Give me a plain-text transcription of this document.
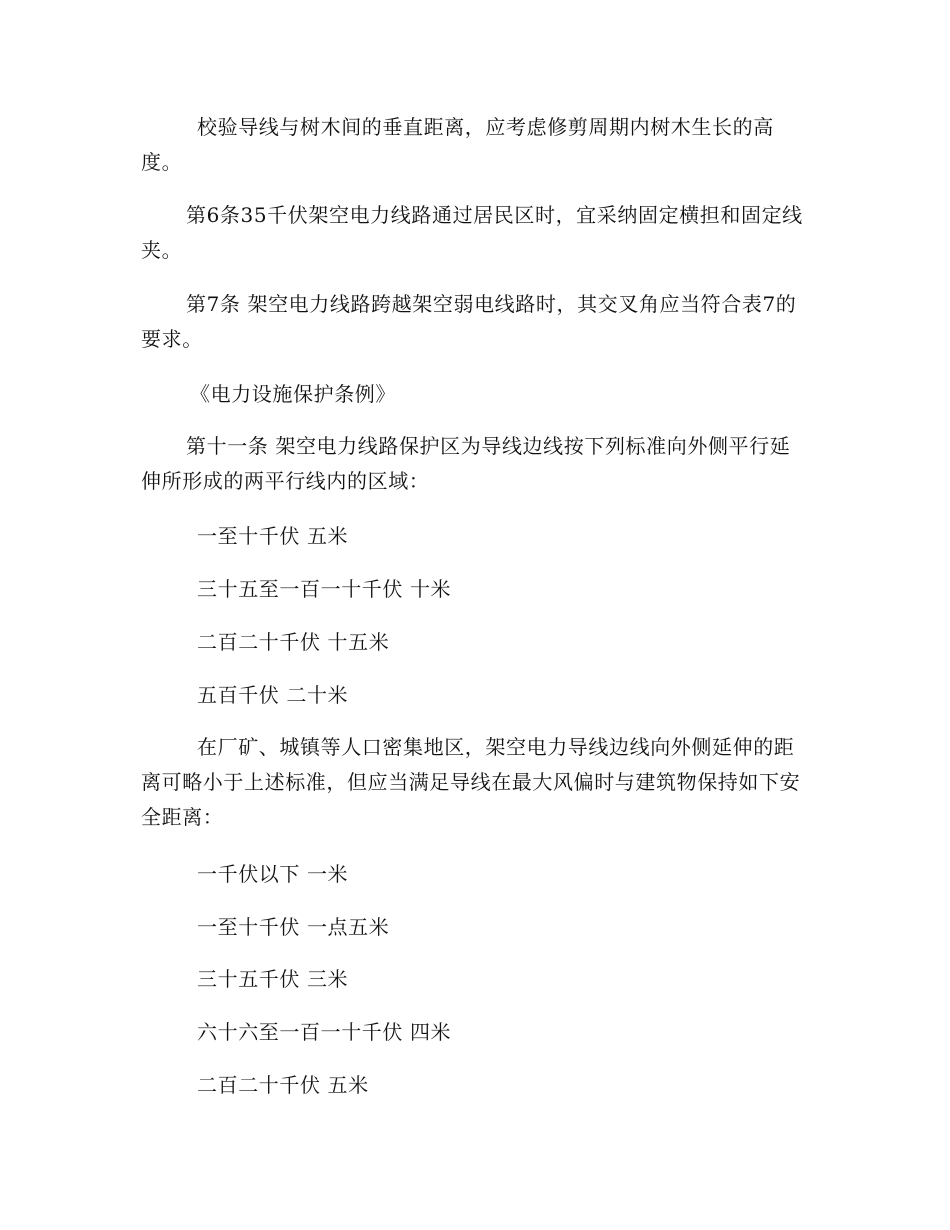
校验导线与树木间的垂直距离，应考虑修剪周期内树木生长的高度。

第6条35千伏架空电力线路通过居民区时，宜采纳固定横担和固定线夹。

第7条 架空电力线路跨越架空弱电线路时，其交叉角应当符合表7的要求。

《电力设施保护条例》

第十一条 架空电力线路保护区为导线边线按下列标准向外侧平行延伸所形成的两平行线内的区域：

一至十千伏 五米

三十五至一百一十千伏 十米

二百二十千伏 十五米

五百千伏 二十米

在厂矿、城镇等人口密集地区，架空电力导线边线向外侧延伸的距离可略小于上述标准，但应当满足导线在最大风偏时与建筑物保持如下安全距离：

一千伏以下 一米

一至十千伏 一点五米

三十五千伏 三米

六十六至一百一十千伏 四米

二百二十千伏 五米
